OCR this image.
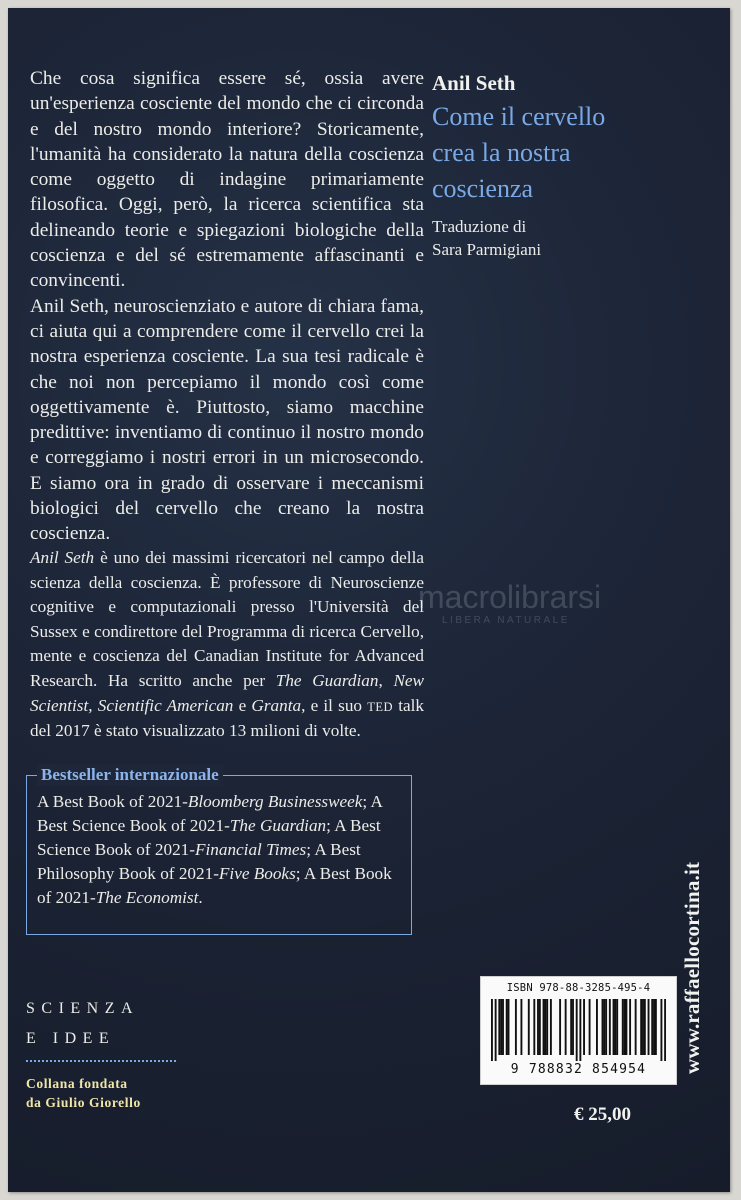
Che cosa significa essere sé, ossia avere un'esperienza cosciente del mondo che ci circonda e del nostro mondo interiore? Storicamente, l'umanità ha considerato la natura della coscienza come oggetto di indagine primariamente filosofica. Oggi, però, la ricerca scientifica sta delineando teorie e spiegazioni biologiche della coscienza e del sé estremamente affascinanti e convincenti.

Anil Seth, neuroscienziato e autore di chiara fama, ci aiuta qui a comprendere come il cervello crei la nostra esperienza cosciente. La sua tesi radicale è che noi non percepiamo il mondo così come oggettivamente è. Piuttosto, siamo macchine predittive: inventiamo di continuo il nostro mondo e correggiamo i nostri errori in un microsecondo. E siamo ora in grado di osservare i meccanismi biologici del cervello che creano la nostra coscienza.

Anil Seth
Come il cervello
crea la nostra
coscienza
Traduzione di
Sara Parmigiani
Anil Seth è uno dei massimi ricercatori nel campo della scienza della coscienza. È professore di Neuroscienze cognitive e computazionali presso l'Università del Sussex e condirettore del Programma di ricerca Cervello, mente e coscienza del Canadian Institute for Advanced Research. Ha scritto anche per The Guardian, New Scientist, Scientific American e Granta, e il suo TED talk del 2017 è stato visualizzato 13 milioni di volte.
macrolibrarsi
LIBERA NATURALE
Bestseller internazionale
A Best Book of 2021-Bloomberg Businessweek; A Best Science Book of 2021-The Guardian; A Best Science Book of 2021-Financial Times; A Best Philosophy Book of 2021-Five Books; A Best Book of 2021-The Economist.
SCIENZA
E IDEE
Collana fondata
da Giulio Giorello
ISBN 978-88-3285-495-4
9 788832 854954
€ 25,00
www.raffaellocortina.it
